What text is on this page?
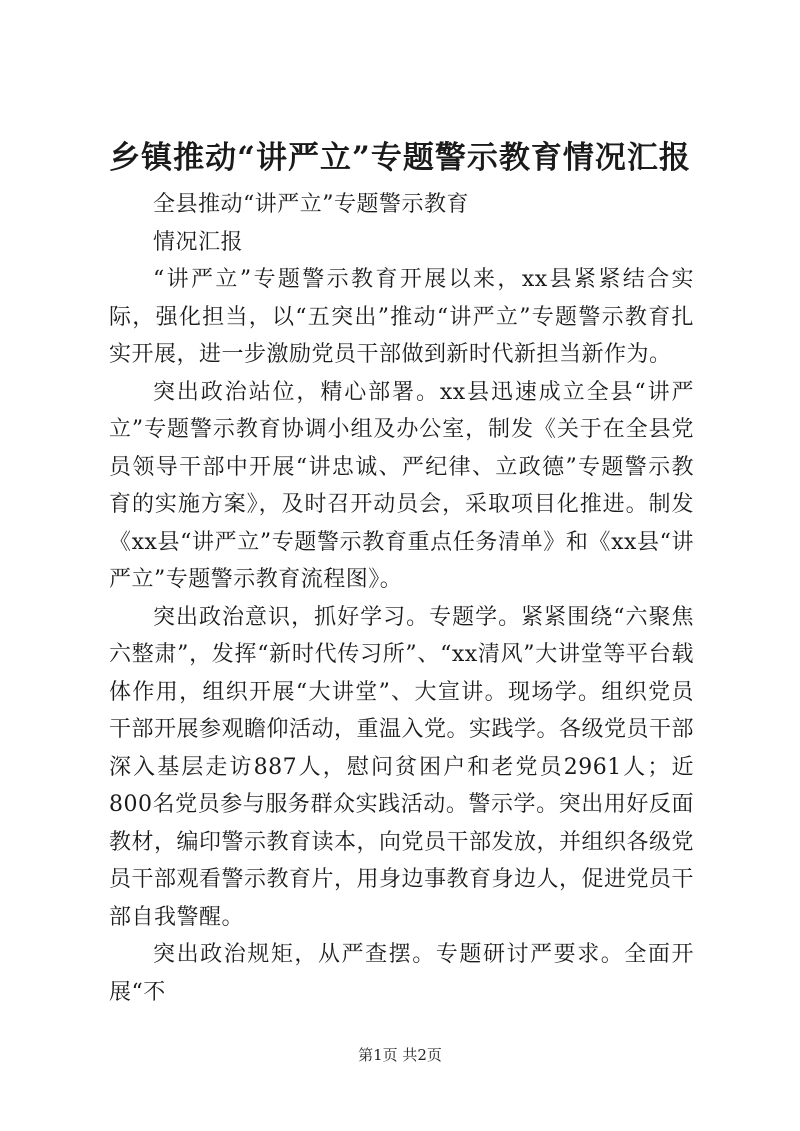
乡镇推动“讲严立”专题警示教育情况汇报

全县推动“讲严立”专题警示教育

情况汇报

“讲严立”专题警示教育开展以来，xx县紧紧结合实际，强化担当，以“五突出”推动“讲严立”专题警示教育扎实开展，进一步激励党员干部做到新时代新担当新作为。

突出政治站位，精心部署。xx县迅速成立全县“讲严立”专题警示教育协调小组及办公室，制发《关于在全县党员领导干部中开展“讲忠诚、严纪律、立政德”专题警示教育的实施方案》，及时召开动员会，采取项目化推进。制发《xx县“讲严立”专题警示教育重点任务清单》和《xx县“讲严立”专题警示教育流程图》。

突出政治意识，抓好学习。专题学。紧紧围绕“六聚焦六整肃”，发挥“新时代传习所”、“xx清风”大讲堂等平台载体作用，组织开展“大讲堂”、大宣讲。现场学。组织党员干部开展参观瞻仰活动，重温入党。实践学。各级党员干部深入基层走访887人，慰问贫困户和老党员2961人；近800名党员参与服务群众实践活动。警示学。突出用好反面教材，编印警示教育读本，向党员干部发放，并组织各级党员干部观看警示教育片，用身边事教育身边人，促进党员干部自我警醒。

突出政治规矩，从严查摆。专题研讨严要求。全面开展“不

第1页 共2页
